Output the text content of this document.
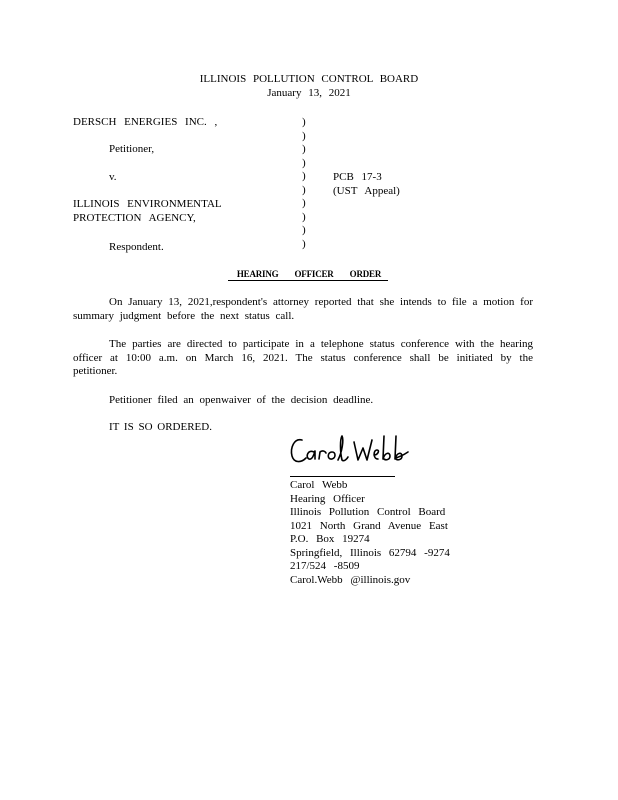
ILLINOIS POLLUTION CONTROL BOARD
January 13, 2021
DERSCH ENERGIES INC. ,
Petitioner,
v.
ILLINOIS ENVIRONMENTAL
PROTECTION AGENCY,
Respondent.
)
)
)
)
)
)
)
)
)
)
PCB 17-3
(UST Appeal)
HEARING OFFICER ORDER
On January 13, 2021,respondent's attorney reported that she intends to file a motion for summary judgment before the next status call.
The parties are directed to participate in a telephone status conference with the hearing officer at 10:00 a.m. on March 16, 2021. The status conference shall be initiated by the petitioner.
Petitioner filed an openwaiver of the decision deadline.
IT IS SO ORDERED.
Carol Webb
Hearing Officer
Illinois Pollution Control Board
1021 North Grand Avenue East
P.O. Box 19274
Springfield, Illinois 62794 -9274
217/524 -8509
Carol.Webb @illinois.gov
